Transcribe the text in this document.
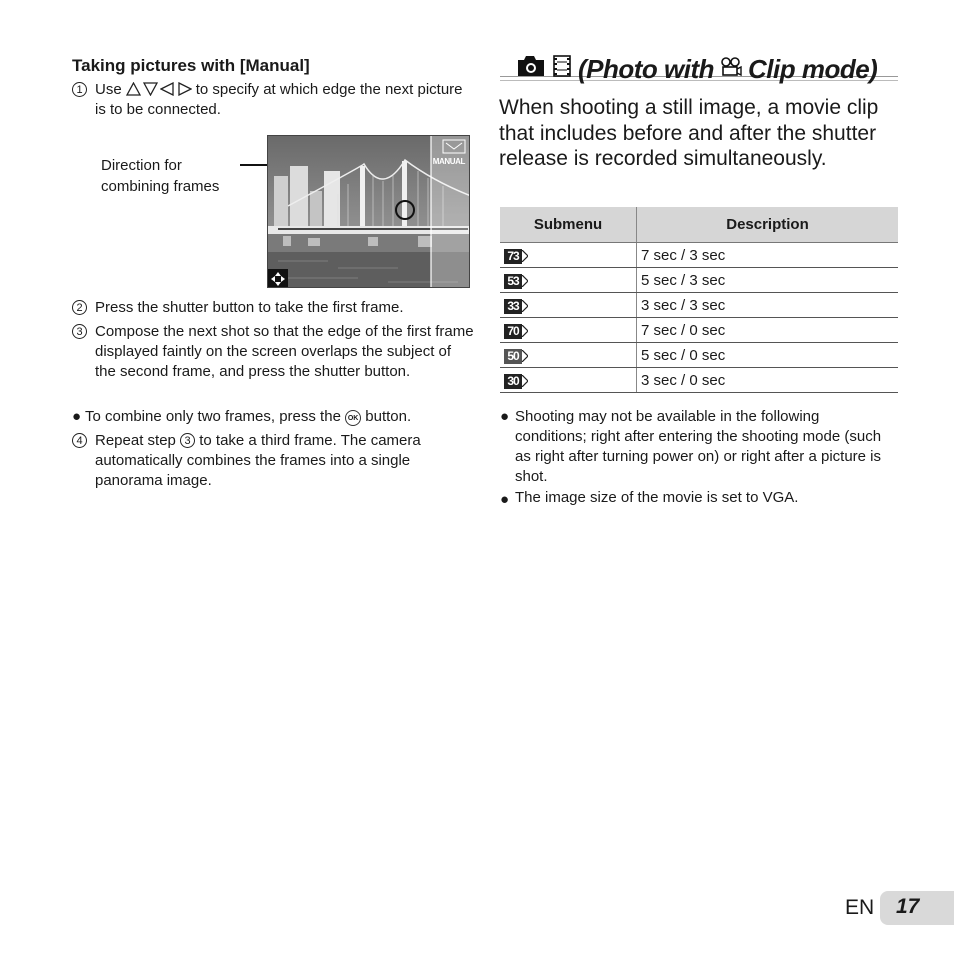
Taking pictures with [Manual]
1 Use	to specify at which edge the next picture is to be connected.
Direction for combining frames
MANUAL
2 Press the shutter button to take the first frame.
3 Compose the next shot so that the edge of the first frame displayed faintly on the screen overlaps the subject of the second frame, and press the shutter button.
● To combine only two frames, press the OK button.
4 Repeat step 3 to take a third frame. The camera automatically combines the frames into a single panorama image.
(Photo with Clip mode)

When shooting a still image, a movie clip that includes before and after the shutter release is recorded simultaneously.

Submenu	Description

73	7 sec / 3 sec

53	5 sec / 3 sec

33	3 sec / 3 sec

70	7 sec / 0 sec

50	5 sec / 0 sec

30	3 sec / 0 sec
● Shooting may not be available in the following conditions; right after entering the shooting mode (such as right after turning power on) or right after a picture is shot.
● The image size of the movie is set to VGA.
EN 17
